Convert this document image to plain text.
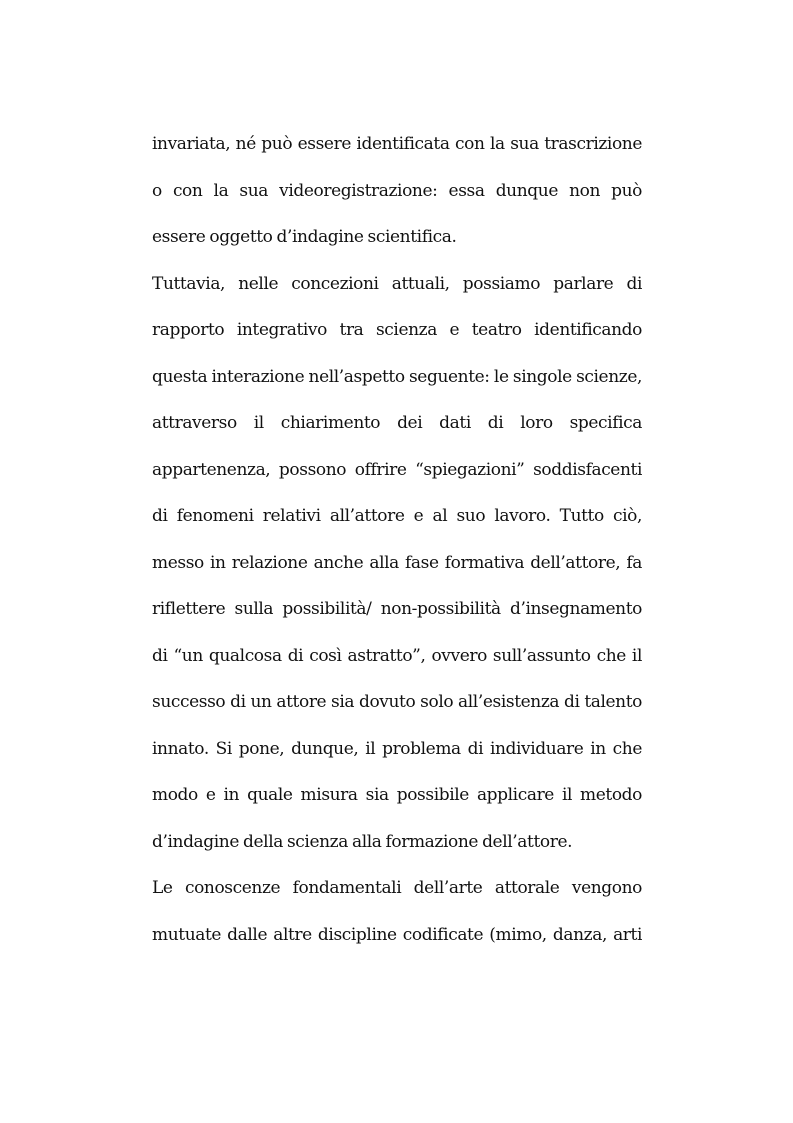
invariata, né può essere identificata con la sua trascrizione
o con la sua videoregistrazione: essa dunque non può
essere oggetto d’indagine scientifica.
Tuttavia, nelle concezioni attuali, possiamo parlare di
rapporto integrativo tra scienza e teatro identificando
questa interazione nell’aspetto seguente: le singole scienze,
attraverso il chiarimento dei dati di loro specifica
appartenenza, possono offrire “spiegazioni” soddisfacenti
di fenomeni relativi all’attore e al suo lavoro. Tutto ciò,
messo in relazione anche alla fase formativa dell’attore, fa
riflettere sulla possibilità/ non-possibilità d’insegnamento
di “un qualcosa di così astratto”, ovvero sull’assunto che il
successo di un attore sia dovuto solo all’esistenza di talento
innato. Si pone, dunque, il problema di individuare in che
modo e in quale misura sia possibile applicare il metodo
d’indagine della scienza alla formazione dell’attore.
Le conoscenze fondamentali dell’arte attorale vengono
mutuate dalle altre discipline codificate (mimo, danza, arti
